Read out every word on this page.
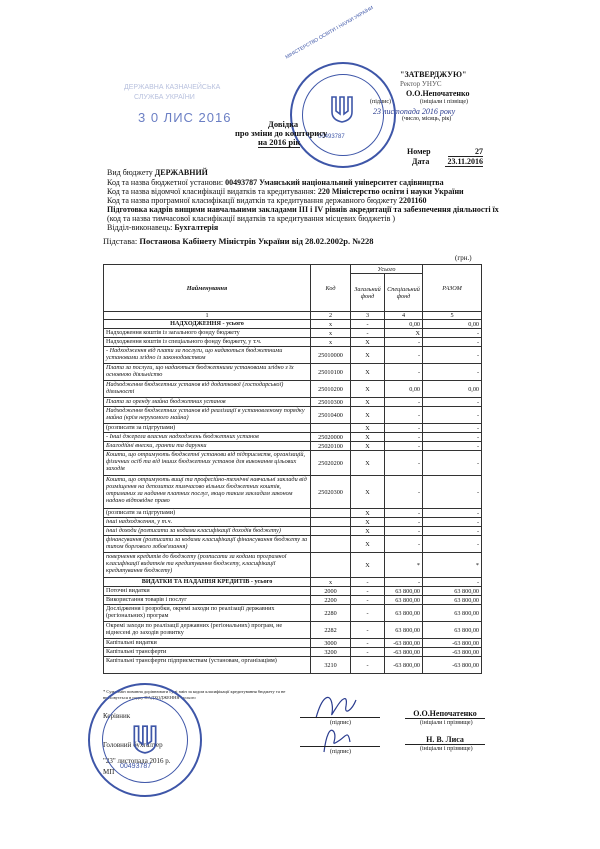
ДЕРЖАВНА КАЗНАЧЕЙСЬКА
СЛУЖБА УКРАЇНИ
3 0 ЛИС 2016
"ЗАТВЕРДЖУЮ"
Ректор УНУС
О.О.Непочатенко
(підпис)	(ініціали і пізвіще)
23 листопада 2016 року
(число, місяць, рік)
00493787
МІНІСТЕРСТВО ОСВІТИ І НАУКИ УКРАЇНИ
Довідка
про зміни до кошторису
на 2016 рік
Номер	27
Дата	23.11.2016
Вид бюджету ДЕРЖАВНИЙ
Код та назва бюджетної установи: 00493787 Уманський національний університет садівництва
Код та назва відомчої класифікації видатків та кредитування: 220 Міністерство освіти і науки України
Код та назва програмної класифікації видатків та кредитування державного бюджету 2201160
Підготовка кадрів вищими навчальними закладами ІІІ і IV рівнів акредитації та забезпечення діяльності їх
(код та назва тимчасової класифікації видатків та кредитування місцевих бюджетів )
Відділ-виконавець: Бухгалтерія
Підстава: Постанова Кабінету Міністрів України від 28.02.2002р. №228
(грн.)
Найменування	Код	Усього		РАЗОМ
		Загальний фонд	Спеціальний фонд	
1	2	3	4	5
НАДХОДЖЕННЯ - усього	х	-	0,00	0,00
Надходження коштів із загального фонду бюджету	х	-	Х	-
Надходження коштів із спеціального фонду бюджету, у т.ч.	х	Х	-	-
- Надходження від плати за послуги, що надаються бюджетними установами згідно із законодавством	25010000	Х	-	-
Плата за послуги, що надаються бюджетними установами згідно з їх основною діяльністю	25010100	Х	-	-
Надходження бюджетних установ від додаткової (господарської) діяльності	25010200	Х	0,00	0,00
Плата за оренду майна бюджетних установ	25010300	Х	-	-
Надходження бюджетних установ від реалізації в установленому порядку майна (крім нерухомого майна)	25010400	Х	-	-
(розписати за підгрупами)		Х	-	-
- Інші джерела власних надходжень бюджетних установ	25020000	Х	-	-
Благодійні внески, гранти та дарунки	25020100	Х	-	-
Кошти, що отримують бюджетні установи від підприємств, організацій, фізичних осіб та від інших бюджетних установ для виконання цільових заходів	25020200	Х	-	-
Кошти, що отримують вищі та професійно-технічні навчальні заклади від розміщення на депозитах тимчасово вільних бюджетних коштів, отриманих за надання платних послуг, якщо таким закладам законом надано відповідне право	25020300	Х	-	-
(розписати за підгрупами)		Х	-	-
інші надходження, у т.ч.		Х	-	-
інші доходи (розписати за кодами класифікації доходів бюджету)		Х	-	-
фінансування (розписати за кодами класифікації фінансування бюджету за типом боргового зобов'язання)		Х	-	-
повернення кредитів до бюджету (розписати за кодами програмної класифікації видатків та кредитування бюджету, класифікації кредитування бюджету)		Х	*	*
ВИДАТКИ ТА НАДАННЯ КРЕДИТІВ - усього	х	-	-	-
Поточні видатки	2000	-	63 800,00	63 800,00
Використання товарів і послуг	2200	-	63 800,00	63 800,00
Дослідження і розробки, окремі заходи по реалізації державних (регіональних) програм	2280	-	63 800,00	63 800,00
Окремі заходи по реалізації державних (регіональних) програм, не віднесені до заходів розвитку	2282	-	63 800,00	63 800,00
Капітальні видатки	3000	-	-63 800,00	-63 800,00
Капітальні трансферти	3200	-	-63 800,00	-63 800,00
Капітальні трансферти підприємствам (установам, організаціям)	3210	-	-63 800,00	-63 800,00
* Сума змін повинна дорівнювати сумі змін за кодом класифікації кредитування бюджету та не враховується в рядку НАДХОДЖЕННЯ - усього
Керівник
(підпис)
О.О.Непочатенко
(ініціали і прізвище)
Головний бухгалтер
(підпис)
Н. В. Лиса
(ініціали і прізвище)
"23" листопада 2016 р.
МП
00493787
